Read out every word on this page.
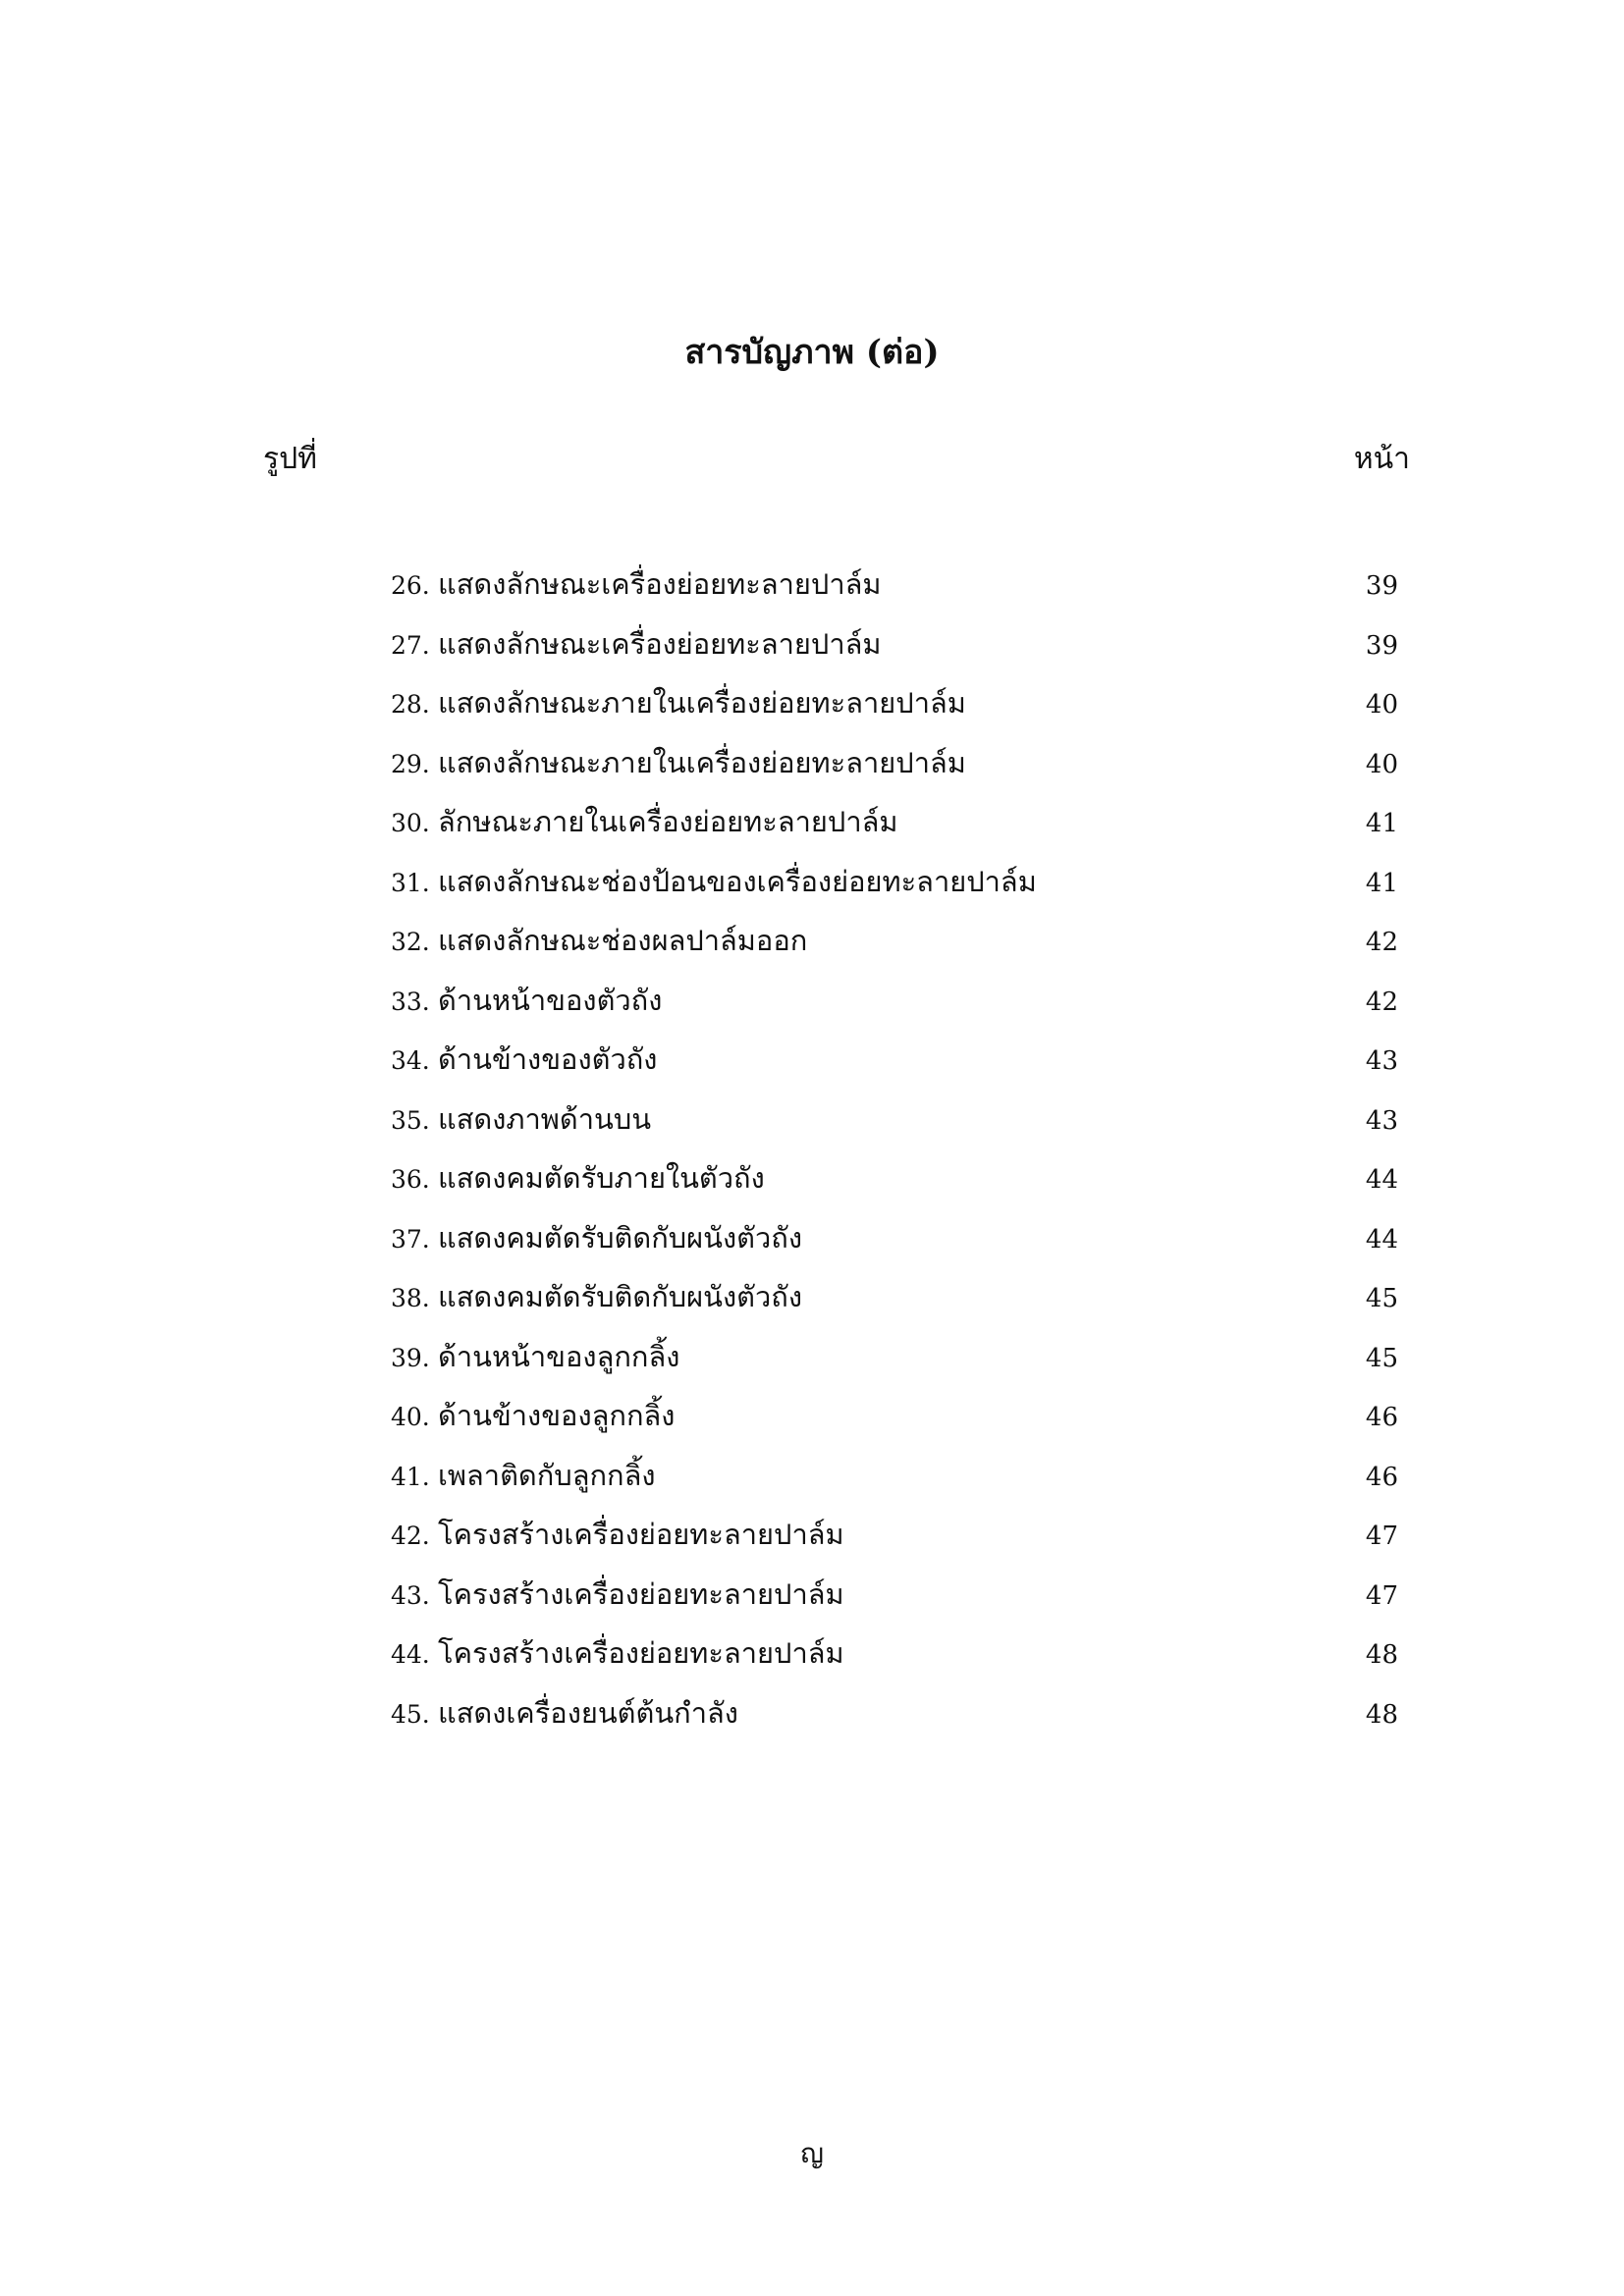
สารบัญภาพ (ต่อ)
รูปที่	หน้า
26. แสดงลักษณะเครื่องย่อยทะลายปาล์ม	39
27. แสดงลักษณะเครื่องย่อยทะลายปาล์ม	39
28. แสดงลักษณะภายในเครื่องย่อยทะลายปาล์ม	40
29. แสดงลักษณะภายในเครื่องย่อยทะลายปาล์ม	40
30. ลักษณะภายในเครื่องย่อยทะลายปาล์ม	41
31. แสดงลักษณะช่องป้อนของเครื่องย่อยทะลายปาล์ม	41
32. แสดงลักษณะช่องผลปาล์มออก	42
33. ด้านหน้าของตัวถัง	42
34. ด้านข้างของตัวถัง	43
35. แสดงภาพด้านบน	43
36. แสดงคมตัดรับภายในตัวถัง	44
37. แสดงคมตัดรับติดกับผนังตัวถัง	44
38. แสดงคมตัดรับติดกับผนังตัวถัง	45
39. ด้านหน้าของลูกกลิ้ง	45
40. ด้านข้างของลูกกลิ้ง	46
41. เพลาติดกับลูกกลิ้ง	46
42. โครงสร้างเครื่องย่อยทะลายปาล์ม	47
43. โครงสร้างเครื่องย่อยทะลายปาล์ม	47
44. โครงสร้างเครื่องย่อยทะลายปาล์ม	48
45. แสดงเครื่องยนต์ต้นกำลัง	48
ญ
